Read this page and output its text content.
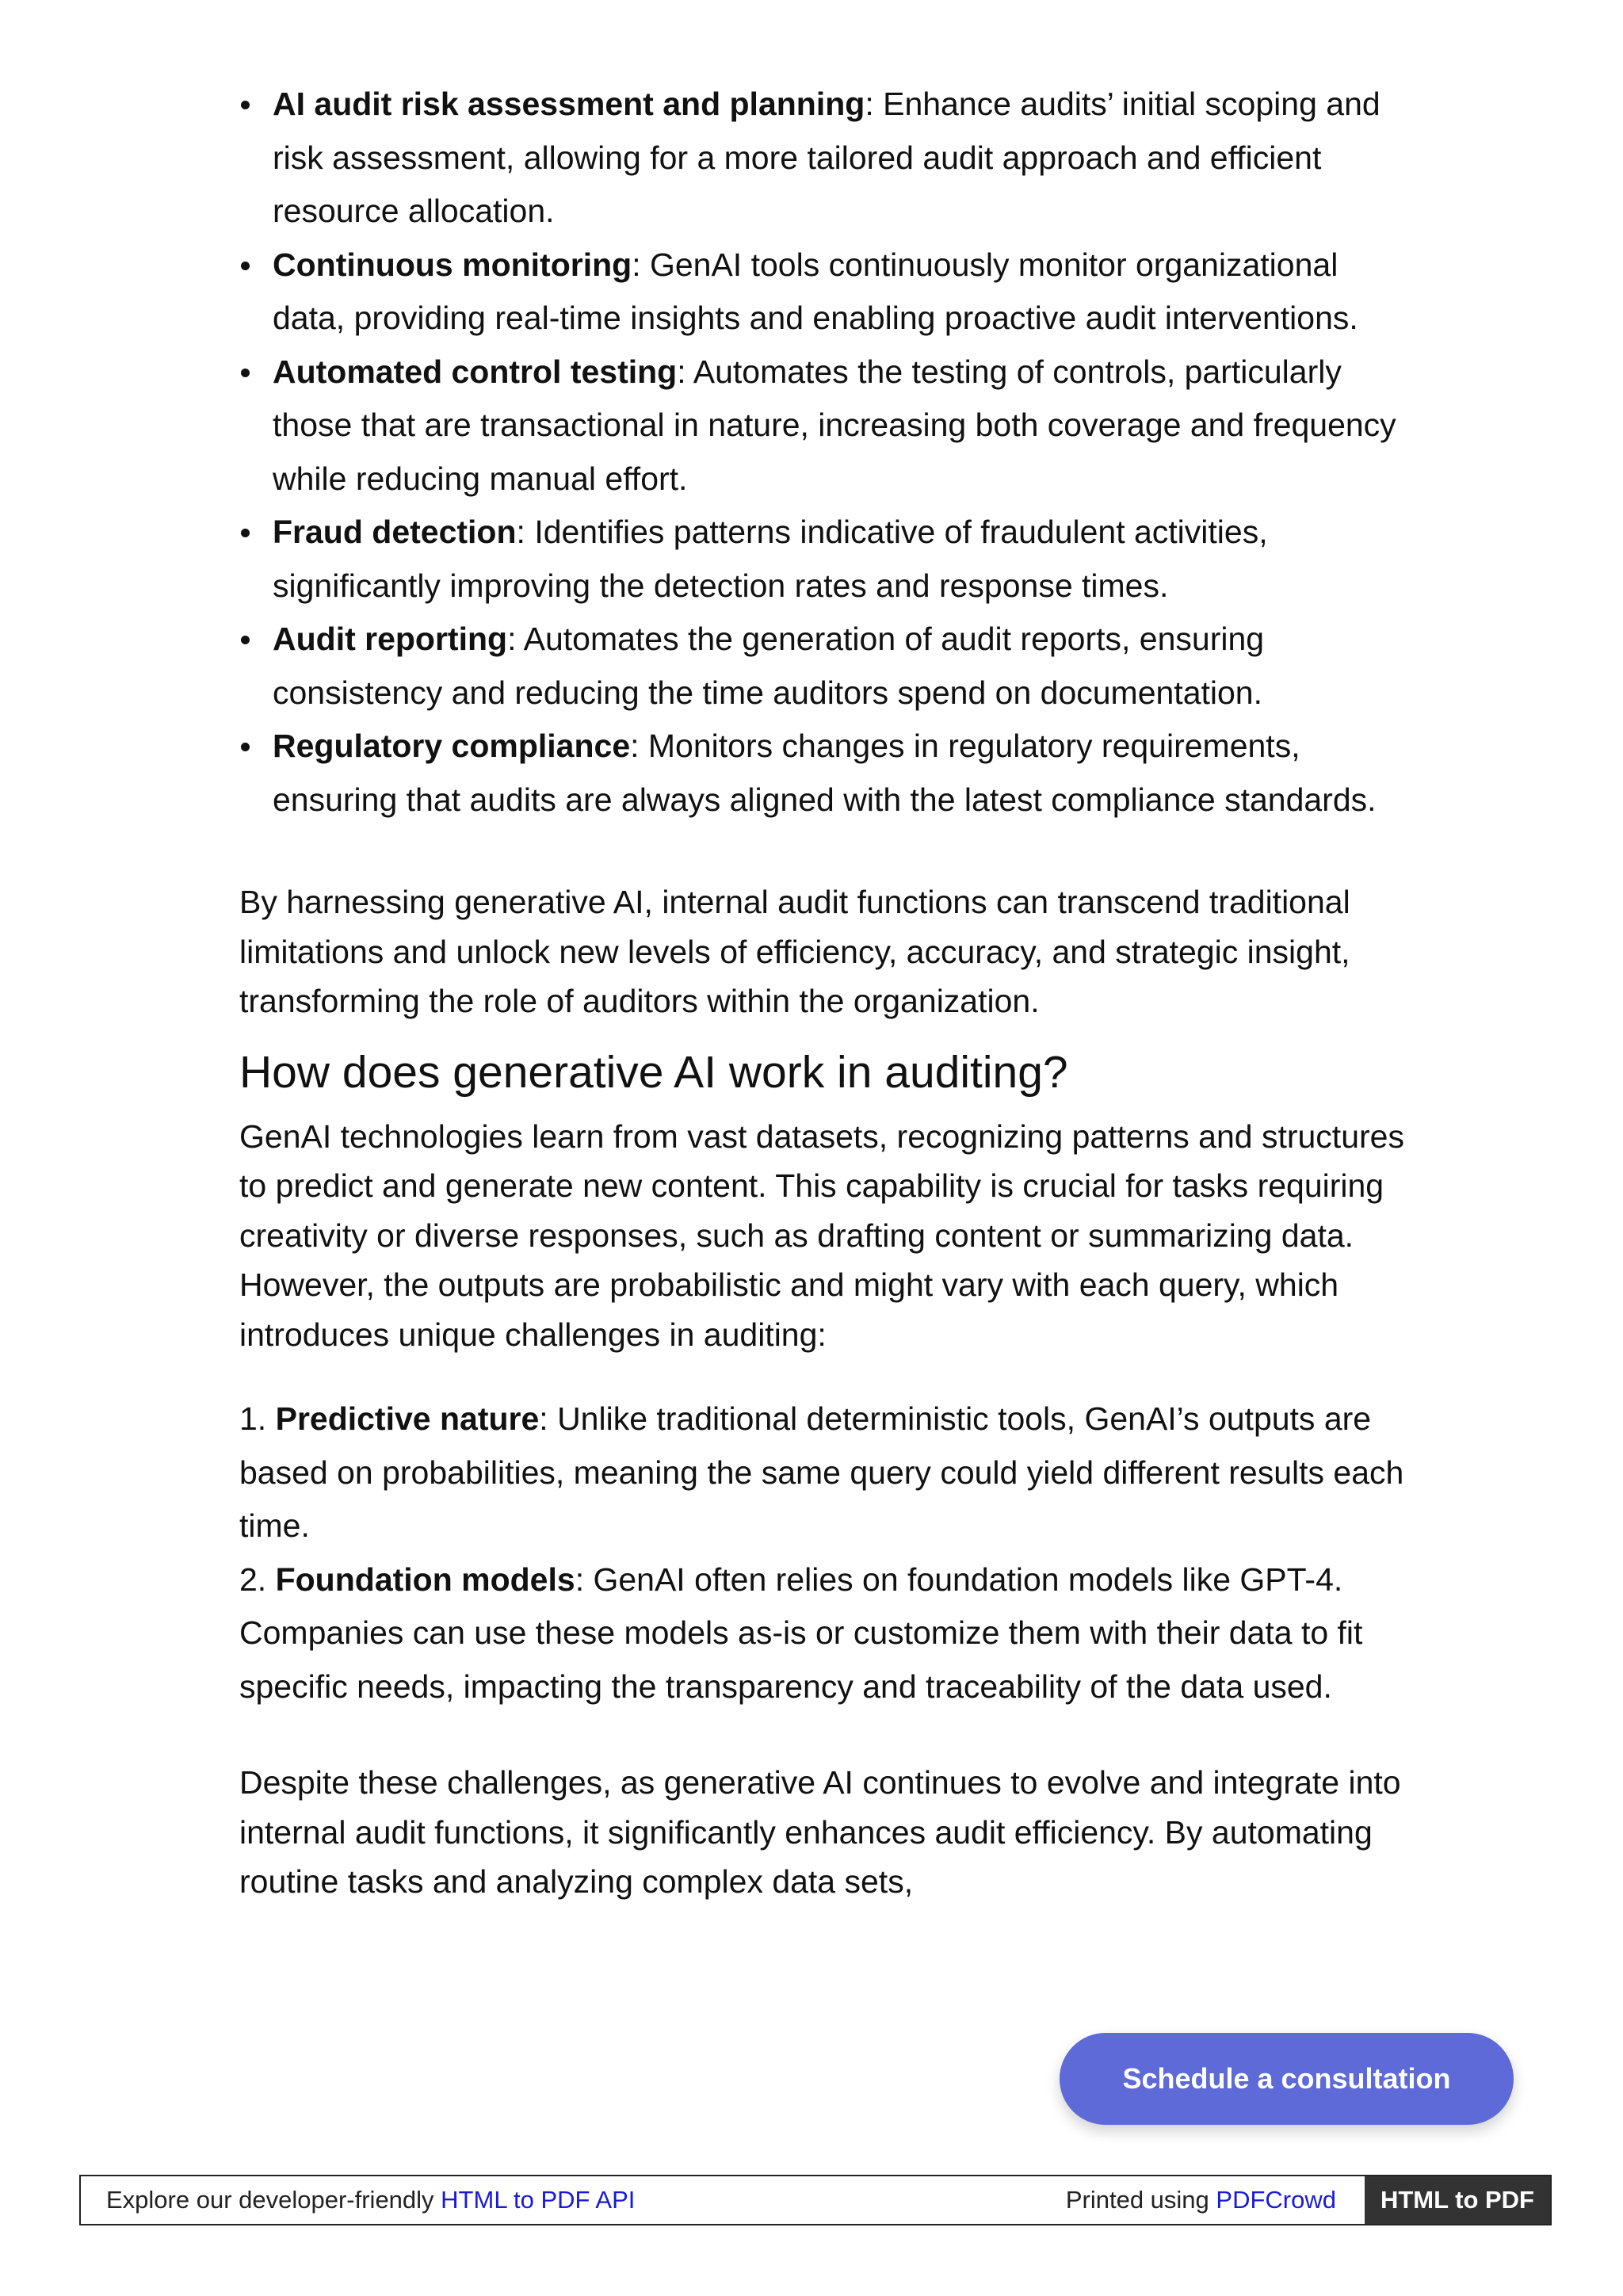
AI audit risk assessment and planning: Enhance audits’ initial scoping and risk assessment, allowing for a more tailored audit approach and efficient resource allocation.
Continuous monitoring: GenAI tools continuously monitor organizational data, providing real-time insights and enabling proactive audit interventions.
Automated control testing: Automates the testing of controls, particularly those that are transactional in nature, increasing both coverage and frequency while reducing manual effort.
Fraud detection: Identifies patterns indicative of fraudulent activities, significantly improving the detection rates and response times.
Audit reporting: Automates the generation of audit reports, ensuring consistency and reducing the time auditors spend on documentation.
Regulatory compliance: Monitors changes in regulatory requirements, ensuring that audits are always aligned with the latest compliance standards.

By harnessing generative AI, internal audit functions can transcend traditional limitations and unlock new levels of efficiency, accuracy, and strategic insight, transforming the role of auditors within the organization.

How does generative AI work in auditing?

GenAI technologies learn from vast datasets, recognizing patterns and structures to predict and generate new content. This capability is crucial for tasks requiring creativity or diverse responses, such as drafting content or summarizing data. However, the outputs are probabilistic and might vary with each query, which introduces unique challenges in auditing:

1. Predictive nature: Unlike traditional deterministic tools, GenAI’s outputs are based on probabilities, meaning the same query could yield different results each time.
2. Foundation models: GenAI often relies on foundation models like GPT-4. Companies can use these models as-is or customize them with their data to fit specific needs, impacting the transparency and traceability of the data used.

Despite these challenges, as generative AI continues to evolve and integrate into internal audit functions, it significantly enhances audit efficiency. By automating routine tasks and analyzing complex data sets,

Schedule a consultation
Explore our developer-friendly HTML to PDF API	Printed using PDFCrowd	HTML to PDF
